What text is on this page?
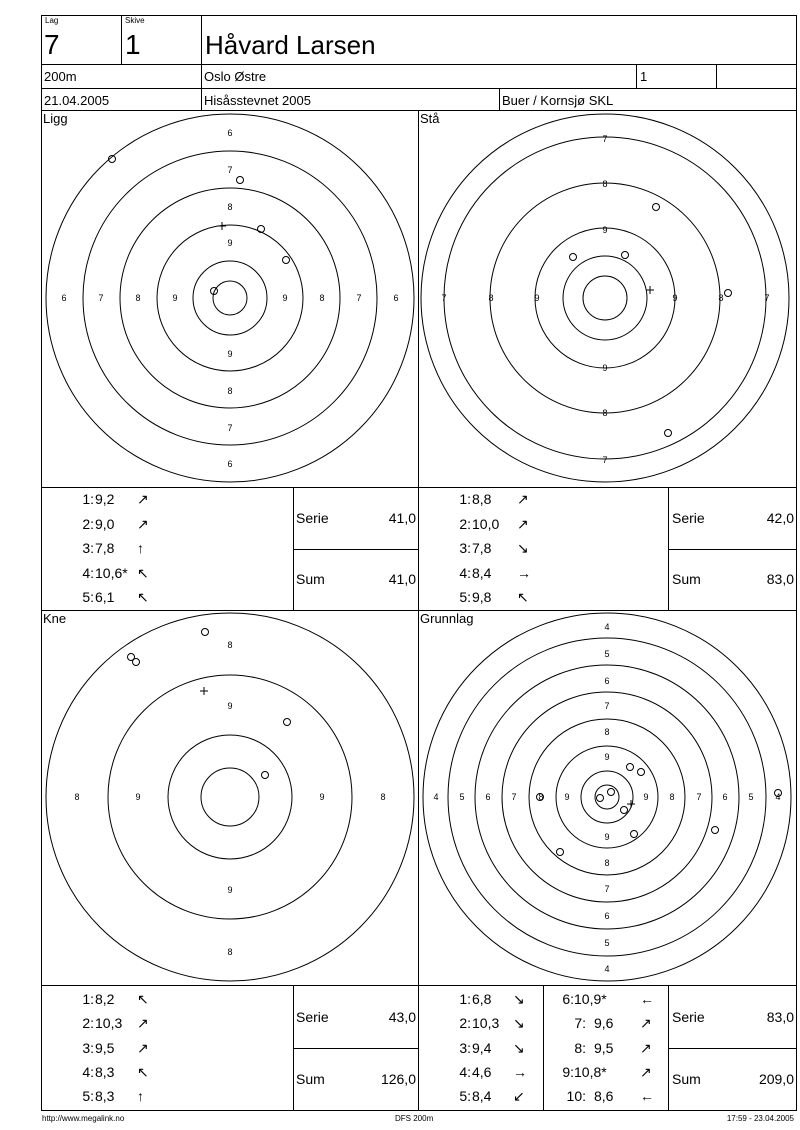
Lag
7
Skive
1 Håvard Larsen
200m	Oslo Østre	1
21.04.2005	Hisåsstevnet 2005	Buer / Kornsjø SKL
Ligg	Stå
Kne	Grunnlag
6
7
8
9
9
8
7
6
6	7	8	9	9	8	7	6
7
8
9
9
8
7
7	8	9	9	8	7
8
9
9
8
8	9	9	8
4
5
6
7
8
9
9
8
7
6
5
4
4 5 6 7 8 9	9 8 7 6 5 4
1: 9,2 ↗
2: 9,0 ↗
3: 7,8 ↑
4: 10,6* ↖
5: 6,1 ↖
Serie	41,0
Sum	41,0
1: 8,8 ↗
2: 10,0 ↗
3: 7,8 ↘
4: 8,4 →
5: 9,8 ↖
Serie	42,0
Sum	83,0
1: 8,2 ↖
2: 10,3 ↗
3: 9,5 ↗
4: 8,3 ↖
5: 8,3 ↑
Serie	43,0
Sum	126,0
1: 6,8 ↘
2: 10,3 ↘
3: 9,4 ↘
4: 4,6 →
5: 8,4 ↙
6: 10,9* ←
7: 9,6 ↗
8: 9,5 ↗
9: 10,8* ↗
10: 8,6 ←
Serie	83,0
Sum	209,0
http://www.megalink.no	DFS 200m	17:59 - 23.04.2005
